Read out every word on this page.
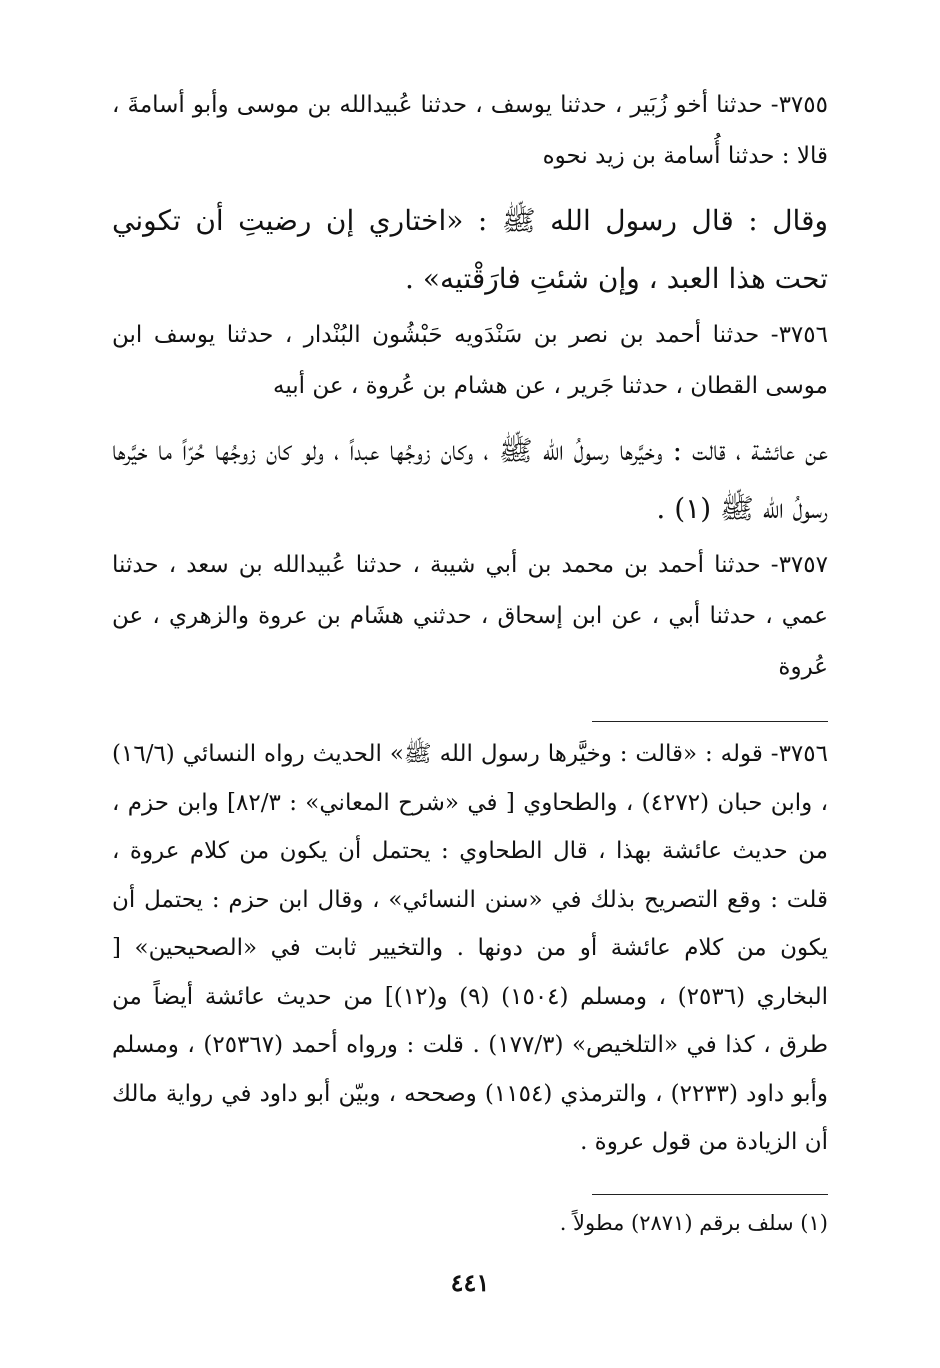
٣٧٥٥- حدثنا أخو زُبَير ، حدثنا يوسف ، حدثنا عُبيدالله بن موسى وأبو أسامةَ ، قالا : حدثنا أُسامة بن زيد نحوه

وقال : قال رسول الله ﷺ : «اختاري إن رضيتِ أن تكوني تحت هذا العبد ، وإن شئتِ فارَقْتيه» .

٣٧٥٦- حدثنا أحمد بن نصر بن سَنْدَويه حَبْشُون البُنْدار ، حدثنا يوسف ابن موسى القطان ، حدثنا جَرير ، عن هشام بن عُروة ، عن أبيه

عن عائشة ، قالت : وخيَّرها رسولُ الله ﷺ ، وكان زوجُها عبداً ، ولو كان زوجُها حُرّاً ما خيَّرها رسولُ الله ﷺ (١) .

٣٧٥٧- حدثنا أحمد بن محمد بن أبي شيبة ، حدثنا عُبيدالله بن سعد ، حدثنا عمي ، حدثنا أبي ، عن ابن إسحاق ، حدثني هشَام بن عروة والزهري ، عن عُروة

٣٧٥٦- قوله : «قالت : وخيَّرها رسول الله ﷺ» الحديث رواه النسائي (١٦/٦) ، وابن حبان (٤٢٧٢) ، والطحاوي [ في «شرح المعاني» : ٨٢/٣] وابن حزم ، من حديث عائشة بهذا ، قال الطحاوي : يحتمل أن يكون من كلام عروة ، قلت : وقع التصريح بذلك في «سنن النسائي» ، وقال ابن حزم : يحتمل أن يكون من كلام عائشة أو من دونها . والتخيير ثابت في «الصحيحين» [ البخاري (٢٥٣٦) ، ومسلم (١٥٠٤) (٩) و(١٢)] من حديث عائشة أيضاً من طرق ، كذا في «التلخيص» (١٧٧/٣) . قلت : ورواه أحمد (٢٥٣٦٧) ، ومسلم وأبو داود (٢٢٣٣) ، والترمذي (١١٥٤) وصححه ، وبيّن أبو داود في رواية مالك أن الزيادة من قول عروة .

(١) سلف برقم (٢٨٧١) مطولاً .

٤٤١
